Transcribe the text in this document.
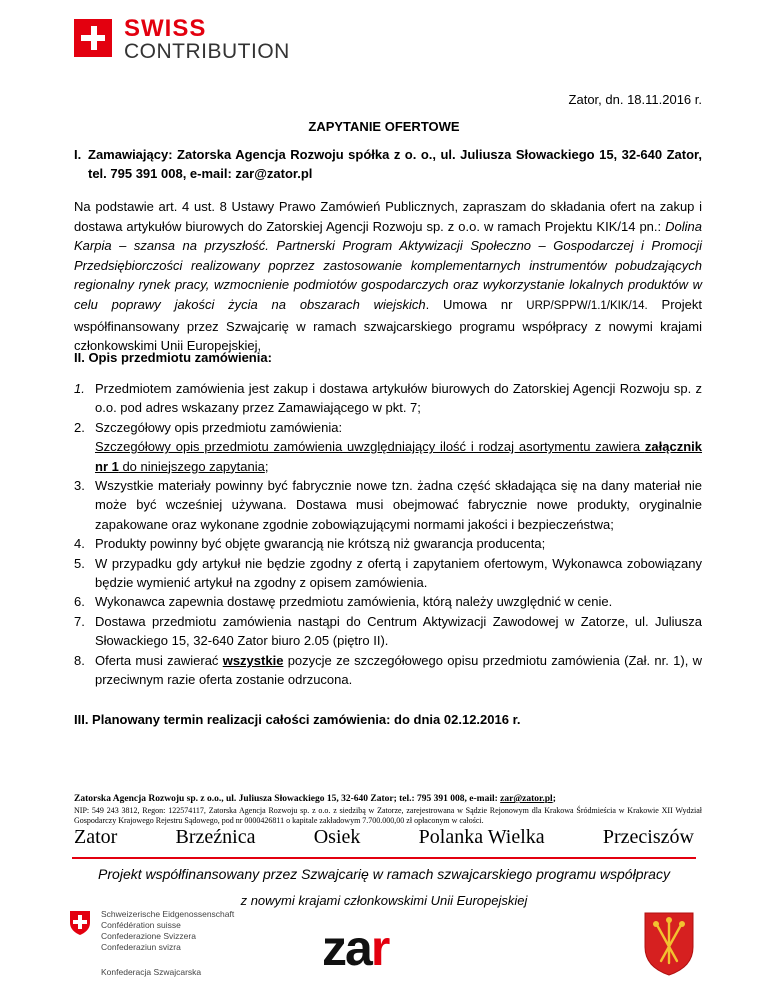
SWISS
CONTRIBUTION
Zator, dn. 18.11.2016 r.
ZAPYTANIE OFERTOWE
I. Zamawiający: Zatorska Agencja Rozwoju spółka z o. o., ul. Juliusza Słowackiego 15, 32-640 Zator, tel. 795 391 008, e-mail: zar@zator.pl
Na podstawie art. 4 ust. 8 Ustawy Prawo Zamówień Publicznych, zapraszam do składania ofert na zakup i dostawa artykułów biurowych do Zatorskiej Agencji Rozwoju sp. z o.o. w ramach Projektu KIK/14 pn.: Dolina Karpia – szansa na przyszłość. Partnerski Program Aktywizacji Społeczno – Gospodarczej i Promocji Przedsiębiorczości realizowany poprzez zastosowanie komplementarnych instrumentów pobudzających regionalny rynek pracy, wzmocnienie podmiotów gospodarczych oraz wykorzystanie lokalnych produktów w celu poprawy jakości życia na obszarach wiejskich. Umowa nr URP/SPPW/1.1/KIK/14. Projekt współfinansowany przez Szwajcarię w ramach szwajcarskiego programu współpracy z nowymi krajami członkowskimi Unii Europejskiej,
II. Opis przedmiotu zamówienia:
1. Przedmiotem zamówienia jest zakup i dostawa artykułów biurowych do Zatorskiej Agencji Rozwoju sp. z o.o. pod adres wskazany przez Zamawiającego w pkt. 7;
2. Szczegółowy opis przedmiotu zamówienia:
Szczegółowy opis przedmiotu zamówienia uwzględniający ilość i rodzaj asortymentu zawiera załącznik nr 1 do niniejszego zapytania;
3. Wszystkie materiały powinny być fabrycznie nowe tzn. żadna część składająca się na dany materiał nie może być wcześniej używana. Dostawa musi obejmować fabrycznie nowe produkty, oryginalnie zapakowane oraz wykonane zgodnie zobowiązującymi normami jakości i bezpieczeństwa;
4. Produkty powinny być objęte gwarancją nie krótszą niż gwarancja producenta;
5. W przypadku gdy artykuł nie będzie zgodny z ofertą i zapytaniem ofertowym, Wykonawca zobowiązany będzie wymienić artykuł na zgodny z opisem zamówienia.
6. Wykonawca zapewnia dostawę przedmiotu zamówienia, którą należy uwzględnić w cenie.
7. Dostawa przedmiotu zamówienia nastąpi do Centrum Aktywizacji Zawodowej w Zatorze, ul. Juliusza Słowackiego 15, 32-640 Zator biuro 2.05 (piętro II).
8. Oferta musi zawierać wszystkie pozycje ze szczegółowego opisu przedmiotu zamówienia (Zał. nr. 1), w przeciwnym razie oferta zostanie odrzucona.
III. Planowany termin realizacji całości zamówienia: do dnia 02.12.2016 r.
Zatorska Agencja Rozwoju sp. z o.o., ul. Juliusza Słowackiego 15, 32-640 Zator; tel.: 795 391 008, e-mail: zar@zator.pl;
NIP: 549 243 3812, Regon: 122574117, Zatorska Agencja Rozwoju sp. z o.o. z siedzibą w Zatorze, zarejestrowana w Sądzie Rejonowym dla Krakowa Śródmieścia w Krakowie XII Wydział Gospodarczy Krajowego Rejestru Sądowego, pod nr 0000426811 o kapitale zakładowym 7.700.000,00 zł opłaconym w całości.
Zator	Brzeźnica	Osiek	Polanka Wielka	Przeciszów
Projekt współfinansowany przez Szwajcarię w ramach szwajcarskiego programu współpracy
z nowymi krajami członkowskimi Unii Europejskiej
Schweizerische Eidgenossenschaft
Confédération suisse
Confederazione Svizzera
Confederaziun svizra
Konfederacja Szwajcarska zar
